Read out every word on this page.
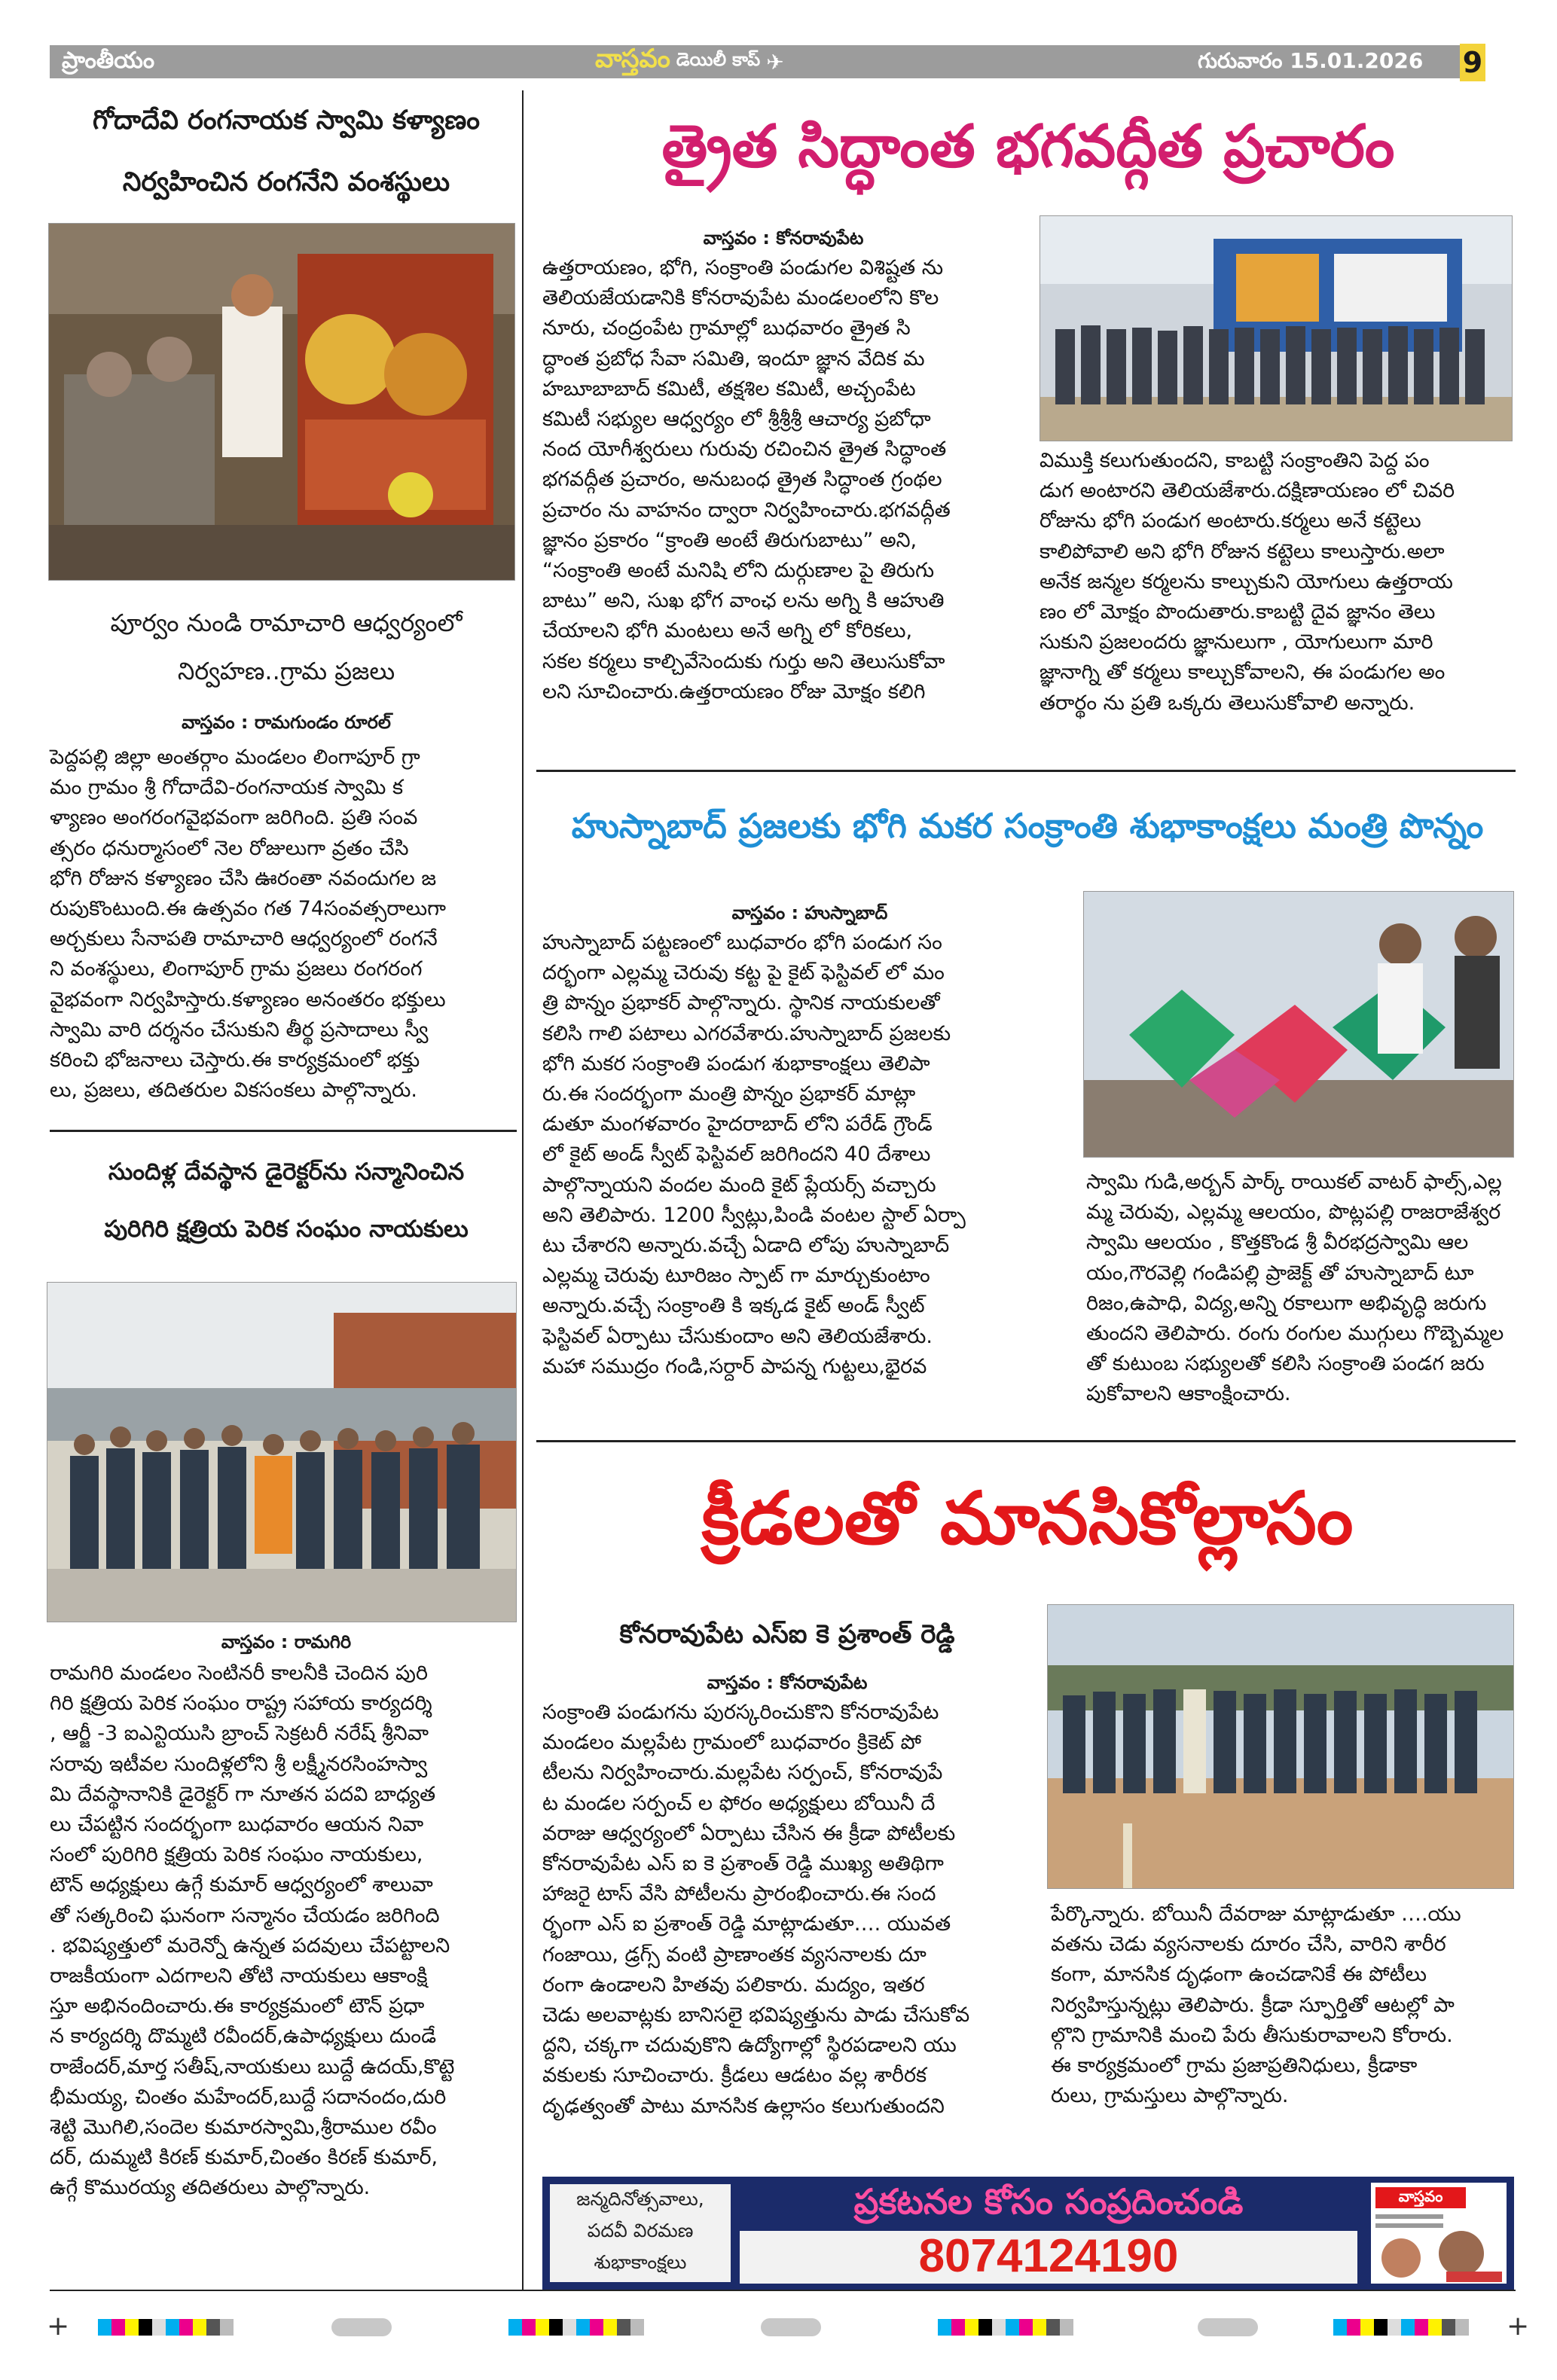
ప్రాంతీయం	వాస్తవం డెయిలీ కాప్ ✈	గురువారం 15.01.2026 9
గోదాదేవి రంగనాయక స్వామి కళ్యాణం
నిర్వహించిన రంగనేని వంశస్థులు
పూర్వం నుండి రామాచారి ఆధ్వర్యంలో
నిర్వహణ..గ్రామ ప్రజలు
వాస్తవం : రామగుండం రూరల్
పెద్దపల్లి జిల్లా అంతర్గాం మండలం లింగాపూర్ గ్రా
మం గ్రామం శ్రీ గోదాదేవి-రంగనాయక స్వామి క
ళ్యాణం అంగరంగవైభవంగా జరిగింది. ప్రతి సంవ
త్సరం ధనుర్మాసంలో నెల రోజులుగా వ్రతం చేసి
భోగి రోజున కళ్యాణం చేసి ఊరంతా నవందుగల జ
రుపుకొంటుంది.ఈ ఉత్సవం గత 74సంవత్సరాలుగా
అర్చకులు సేనాపతి రామాచారి ఆధ్వర్యంలో రంగనే
ని వంశస్థులు, లింగాపూర్ గ్రామ ప్రజలు రంగరంగ
వైభవంగా నిర్వహిస్తారు.కళ్యాణం అనంతరం భక్తులు
స్వామి వారి దర్శనం చేసుకుని తీర్థ ప్రసాదాలు స్వీ
కరించి భోజనాలు చెస్తారు.ఈ కార్యక్రమంలో భక్తు
లు, ప్రజలు, తదితరుల వికసంకలు పాల్గొన్నారు.
సుందిళ్ల దేవస్థాన డైరెక్టర్‌ను సన్మానించిన
పురిగిరి క్షత్రియ పెరిక సంఘం నాయకులు
వాస్తవం : రామగిరి
రామగిరి మండలం సెంటినరీ కాలనీకి చెందిన పురి
గిరి క్షత్రియ పెరిక సంఘం రాష్ట్ర సహాయ కార్యదర్శి
, ఆర్జీ -3 ఐఎన్టియుసి బ్రాంచ్ సెక్రటరీ నరేష్ శ్రీనివా
సరావు ఇటీవల సుందిళ్లలోని శ్రీ లక్ష్మీనరసింహస్వా
మి దేవస్థానానికి డైరెక్టర్ గా నూతన పదవి బాధ్యత
లు చేపట్టిన సందర్భంగా బుధవారం ఆయన నివా
సంలో పురిగిరి క్షత్రియ పెరిక సంఘం నాయకులు,
టౌన్ అధ్యక్షులు ఉగ్గే కుమార్ ఆధ్వర్యంలో శాలువా
తో సత్కరించి ఘనంగా సన్మానం చేయడం జరిగింది
. భవిష్యత్తులో మరెన్నో ఉన్నత పదవులు చేపట్టాలని
రాజకీయంగా ఎదగాలని తోటి నాయకులు ఆకాంక్షి
స్తూ అభినందించారు.ఈ కార్యక్రమంలో టౌన్ ప్రధా
న కార్యదర్శి దొమ్మటి రవీందర్,ఉపాధ్యక్షులు దుండే
రాజేందర్,మార్త సతీష్,నాయకులు బుద్దే ఉదయ్,కొట్టె
భీమయ్య, చింతం మహేందర్,బుద్దే సదానందం,దురి
శెట్టి మొగిలి,సందెల కుమారస్వామి,శ్రీరాముల రవీం
దర్, దుమ్మటి కిరణ్ కుమార్,చింతం కిరణ్ కుమార్,
ఉగ్గే కొమురయ్య తదితరులు పాల్గొన్నారు.
త్రైత సిద్ధాంత భగవద్గీత ప్రచారం
వాస్తవం : కోనరావుపేట
ఉత్తరాయణం, భోగి, సంక్రాంతి పండుగల విశిష్టత ను
తెలియజేయడానికి కోనరావుపేట మండలంలోని కొల
నూరు, చంద్రంపేట గ్రామాల్లో బుధవారం త్రైత సి
ద్ధాంత ప్రబోధ సేవా సమితి, ఇందూ జ్ఞాన వేదిక మ
హబూబాబాద్ కమిటీ, తక్షశిల కమిటీ, అచ్చంపేట
కమిటీ సభ్యుల ఆధ్వర్యం లో శ్రీశ్రీశ్రీ ఆచార్య ప్రబోధా
నంద యోగీశ్వరులు గురువు రచించిన త్రైత సిద్ధాంత
భగవద్గీత ప్రచారం, అనుబంధ త్రైత సిద్ధాంత గ్రంథల
ప్రచారం ను వాహనం ద్వారా నిర్వహించారు.భగవద్గీత
జ్ఞానం ప్రకారం “క్రాంతి అంటే తిరుగుబాటు” అని,
“సంక్రాంతి అంటే మనిషి లోని దుర్గుణాల పై తిరుగు
బాటు” అని, సుఖ భోగ వాంఛ లను అగ్ని కి ఆహుతి
చేయాలని భోగి మంటలు అనే అగ్ని లో కోరికలు,
సకల కర్మలు కాల్చివేసెందుకు గుర్తు అని తెలుసుకోవా
లని సూచించారు.ఉత్తరాయణం రోజు మోక్షం కలిగి
విముక్తి కలుగుతుందని, కాబట్టి సంక్రాంతిని పెద్ద పం
డుగ అంటారని తెలియజేశారు.దక్షిణాయణం లో చివరి
రోజును భోగి పండుగ అంటారు.కర్మలు అనే కట్టెలు
కాలిపోవాలి అని భోగి రోజున కట్టెలు కాలుస్తారు.అలా
అనేక జన్మల కర్మలను కాల్చుకుని యోగులు ఉత్తరాయ
ణం లో మోక్షం పొందుతారు.కాబట్టి దైవ జ్ఞానం తెలు
సుకుని ప్రజలందరు జ్ఞానులుగా , యోగులుగా మారి
జ్ఞానాగ్ని తో కర్మలు కాల్చుకోవాలని, ఈ పండుగల అం
తరార్థం ను ప్రతి ఒక్కరు తెలుసుకోవాలి అన్నారు.
హుస్నాబాద్ ప్రజలకు భోగి మకర సంక్రాంతి శుభాకాంక్షలు మంత్రి పొన్నం
వాస్తవం : హుస్నాబాద్
హుస్నాబాద్ పట్టణంలో బుధవారం భోగి పండుగ సం
దర్భంగా ఎల్లమ్మ చెరువు కట్ట పై కైట్ ఫెస్టివల్ లో మం
త్రి పొన్నం ప్రభాకర్ పాల్గొన్నారు. స్థానిక నాయకులతో
కలిసి గాలి పటాలు ఎగరవేశారు.హుస్నాబాద్ ప్రజలకు
భోగి మకర సంక్రాంతి పండుగ శుభాకాంక్షలు తెలిపా
రు.ఈ సందర్భంగా మంత్రి పొన్నం ప్రభాకర్ మాట్లా
డుతూ మంగళవారం హైదరాబాద్ లోని పరేడ్ గ్రౌండ్
లో కైట్ అండ్ స్వీట్ ఫెస్టివల్ జరిగిందని 40 దేశాలు
పాల్గొన్నాయని వందల మంది కైట్ ప్లేయర్స్ వచ్చారు
అని తెలిపారు. 1200 స్వీట్లు,పిండి వంటల స్టాల్ ఏర్పా
టు చేశారని అన్నారు.వచ్చే ఏడాది లోపు హుస్నాబాద్
ఎల్లమ్మ చెరువు టూరిజం స్పాట్ గా మార్చుకుంటాం
అన్నారు.వచ్చే సంక్రాంతి కి ఇక్కడ కైట్ అండ్ స్వీట్
ఫెస్టివల్ ఏర్పాటు చేసుకుందాం అని తెలియజేశారు.
మహా సముద్రం గండి,సర్దార్ పాపన్న గుట్టలు,భైరవ
స్వామి గుడి,అర్బన్ పార్క్ రాయికల్ వాటర్ ఫాల్స్,ఎల్ల
మ్మ చెరువు, ఎల్లమ్మ ఆలయం, పొట్లపల్లి రాజరాజేశ్వర
స్వామి ఆలయం , కొత్తకొండ శ్రీ వీరభద్రస్వామి ఆల
యం,గౌరవెల్లి గండిపల్లి ప్రాజెక్ట్ తో హుస్నాబాద్ టూ
రిజం,ఉపాధి, విద్య,అన్ని రకాలుగా అభివృద్ధి జరుగు
తుందని తెలిపారు. రంగు రంగుల ముగ్గులు గొబ్బెమ్మల
తో కుటుంబ సభ్యులతో కలిసి సంక్రాంతి పండగ జరు
పుకోవాలని ఆకాంక్షించారు.
క్రీడలతో మానసికోల్లాసం
కోనరావుపేట ఎస్ఐ కె ప్రశాంత్ రెడ్డి
వాస్తవం : కోనరావుపేట
సంక్రాంతి పండుగను పురస్కరించుకొని కోనరావుపేట
మండలం మల్లపేట గ్రామంలో బుధవారం క్రికెట్ పో
టీలను నిర్వహించారు.మల్లపేట సర్పంచ్, కోనరావుపే
ట మండల సర్పంచ్ ల ఫోరం అధ్యక్షులు బోయినీ దే
వరాజు ఆధ్వర్యంలో ఏర్పాటు చేసిన ఈ క్రీడా పోటీలకు
కోనరావుపేట ఎస్ ఐ కె ప్రశాంత్ రెడ్డి ముఖ్య అతిథిగా
హాజరై టాస్ వేసి పోటీలను ప్రారంభించారు.ఈ సంద
ర్భంగా ఎస్ ఐ ప్రశాంత్ రెడ్డి మాట్లాడుతూ…. యువత
గంజాయి, డ్రగ్స్ వంటి ప్రాణాంతక వ్యసనాలకు దూ
రంగా ఉండాలని హితవు పలికారు. మద్యం, ఇతర
చెడు అలవాట్లకు బానిసలై భవిష్యత్తును పాడు చేసుకోవ
ద్దని, చక్కగా చదువుకొని ఉద్యోగాల్లో స్థిరపడాలని యు
వకులకు సూచించారు. క్రీడలు ఆడటం వల్ల శారీరక
దృఢత్వంతో పాటు మానసిక ఉల్లాసం కలుగుతుందని
పేర్కొన్నారు. బోయినీ దేవరాజు మాట్లాడుతూ ….యు
వతను చెడు వ్యసనాలకు దూరం చేసి, వారిని శారీర
కంగా, మానసిక దృఢంగా ఉంచడానికే ఈ పోటీలు
నిర్వహిస్తున్నట్లు తెలిపారు. క్రీడా స్ఫూర్తితో ఆటల్లో పా
ల్గొని గ్రామానికి మంచి పేరు తీసుకురావాలని కోరారు.
ఈ కార్యక్రమంలో గ్రామ ప్రజాప్రతినిధులు, క్రీడాకా
రులు, గ్రామస్తులు పాల్గొన్నారు.
జన్మదినోత్సవాలు,
పదవీ విరమణ
శుభాకాంక్షలు
ప్రకటనల కోసం సంప్రదించండి
8074124190
వాస్తవం
+	+
